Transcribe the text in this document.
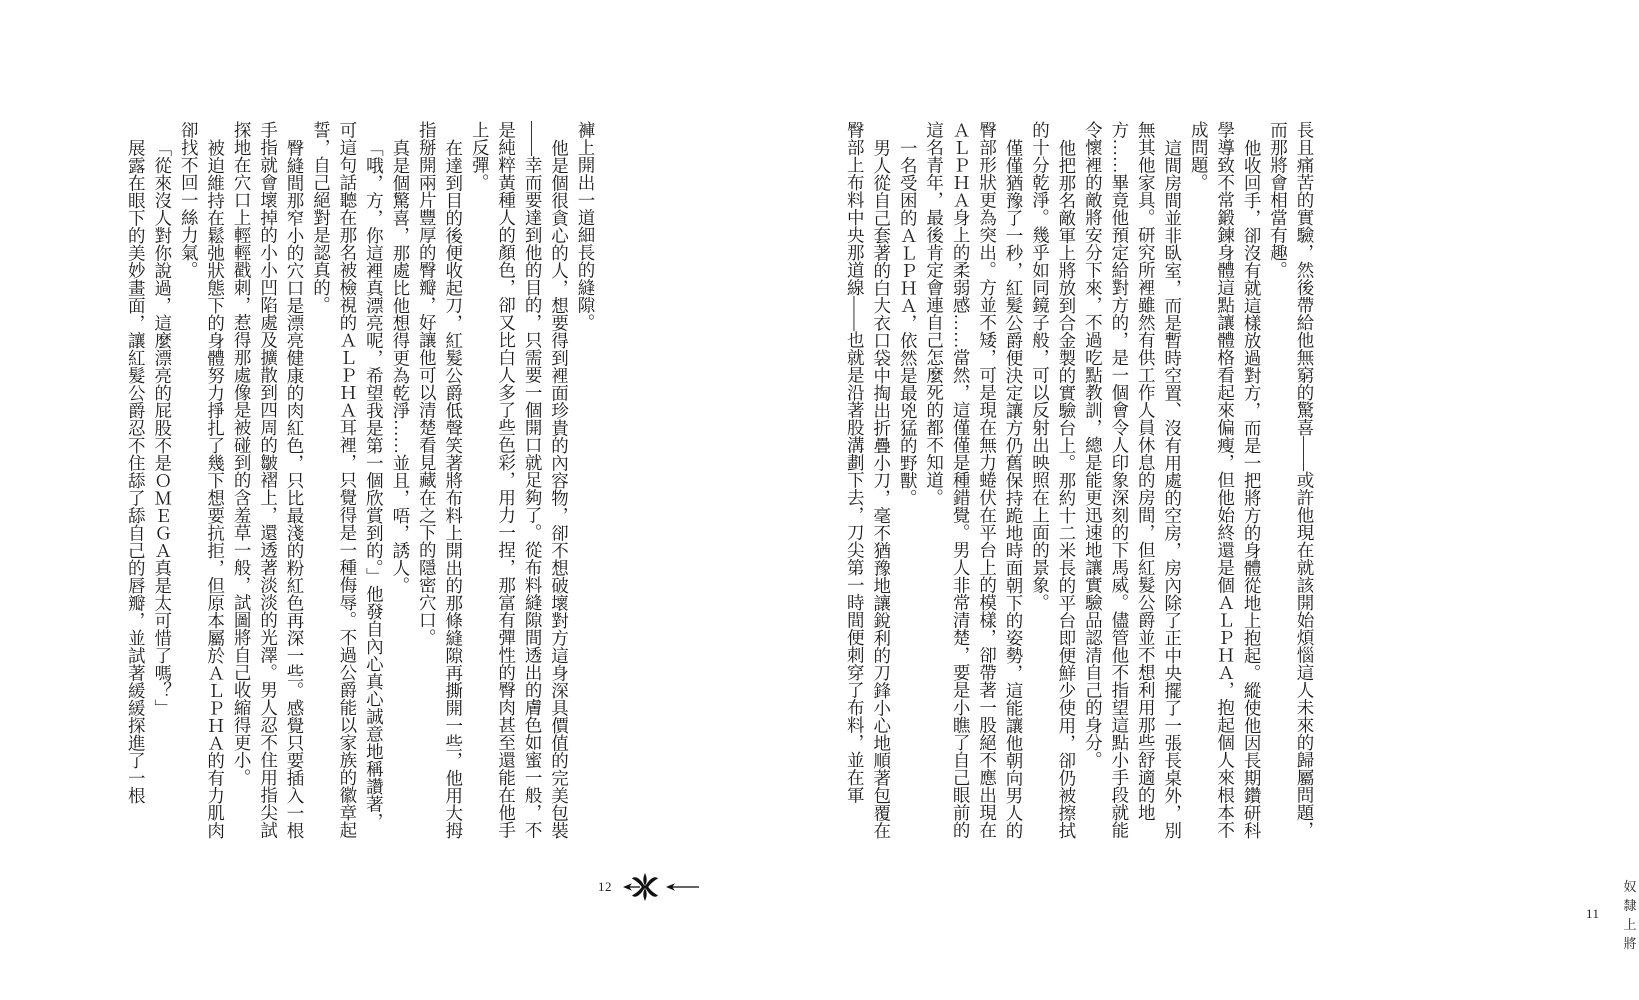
長且痛苦的實驗，然後帶給他無窮的驚喜——或許他現在就該開始煩惱這人未來的歸屬問題，而那將會相當有趣。

他收回手，卻沒有就這樣放過對方，而是一把將方的身體從地上抱起。縱使他因長期鑽研科學導致不常鍛鍊身體這點讓體格看起來偏瘦，但他始終還是個ＡＬＰＨＡ，抱起個人來根本不成問題。

這間房間並非臥室，而是暫時空置、沒有用處的空房，房內除了正中央擺了一張長桌外，別無其他家具。研究所裡雖然有供工作人員休息的房間，但紅髮公爵並不想利用那些舒適的地方……畢竟他預定給對方的，是一個會令人印象深刻的下馬威。儘管他不指望這點小手段就能令懷裡的敵將安分下來，不過吃點教訓，總是能更迅速地讓實驗品認清自己的身分。

他把那名敵軍上將放到合金製的實驗台上。那約十二米長的平台即便鮮少使用，卻仍被擦拭的十分乾淨。幾乎如同鏡子般，可以反射出映照在上面的景象。

僅僅猶豫了一秒，紅髮公爵便決定讓方仍舊保持跪地時面朝下的姿勢，這能讓他朝向男人的臀部形狀更為突出。方並不矮，可是現在無力蜷伏在平台上的模樣，卻帶著一股絕不應出現在ＡＬＰＨＡ身上的柔弱感……當然，這僅僅是種錯覺。男人非常清楚，要是小瞧了自己眼前的這名青年，最後肯定會連自己怎麼死的都不知道。

一名受困的ＡＬＰＨＡ，依然是最兇猛的野獸。

男人從自己套著的白大衣口袋中掏出折疊小刀，毫不猶豫地讓銳利的刀鋒小心地順著包覆在臀部上布料中央那道線——也就是沿著股溝劃下去，刀尖第一時間便刺穿了布料，並在軍

11
奴隸上將

褲上開出一道細長的縫隙。

他是個很貪心的人，想要得到裡面珍貴的內容物，卻不想破壞對方這身深具價值的完美包裝——幸而要達到他的目的，只需要一個開口就足夠了。從布料縫隙間透出的膚色如蜜一般，不是純粹黃種人的顏色，卻又比白人多了些色彩，用力一捏，那富有彈性的臀肉甚至還能在他手上反彈。

在達到目的後便收起刀，紅髮公爵低聲笑著將布料上開出的那條縫隙再撕開一些，他用大拇指掰開兩片豐厚的臀瓣，好讓他可以清楚看見藏在之下的隱密穴口。

真是個驚喜，那處比他想得更為乾淨……並且，唔，誘人。

「哦，方，你這裡真漂亮呢，希望我是第一個欣賞到的。」他發自內心真心誠意地稱讚著，可這句話聽在那名被檢視的ＡＬＰＨＡ耳裡，只覺得是一種侮辱。不過公爵能以家族的徽章起誓，自己絕對是認真的。

臀縫間那窄小的穴口是漂亮健康的肉紅色，只比最淺的粉紅色再深一些。感覺只要插入一根手指就會壞掉的小小凹陷處及擴散到四周的皺褶上，還透著淡淡的光澤。男人忍不住用指尖試探地在穴口上輕輕戳刺，惹得那處像是被碰到的含羞草一般，試圖將自己收縮得更小。

被迫維持在鬆弛狀態下的身體努力掙扎了幾下想要抗拒，但原本屬於ＡＬＰＨＡ的有力肌肉卻找不回一絲力氣。

「從來沒人對你說過，這麼漂亮的屁股不是ＯＭＥＧＡ真是太可惜了嗎？」

展露在眼下的美妙畫面，讓紅髮公爵忍不住舔了舔自己的唇瓣，並試著緩緩探進了一根

12
